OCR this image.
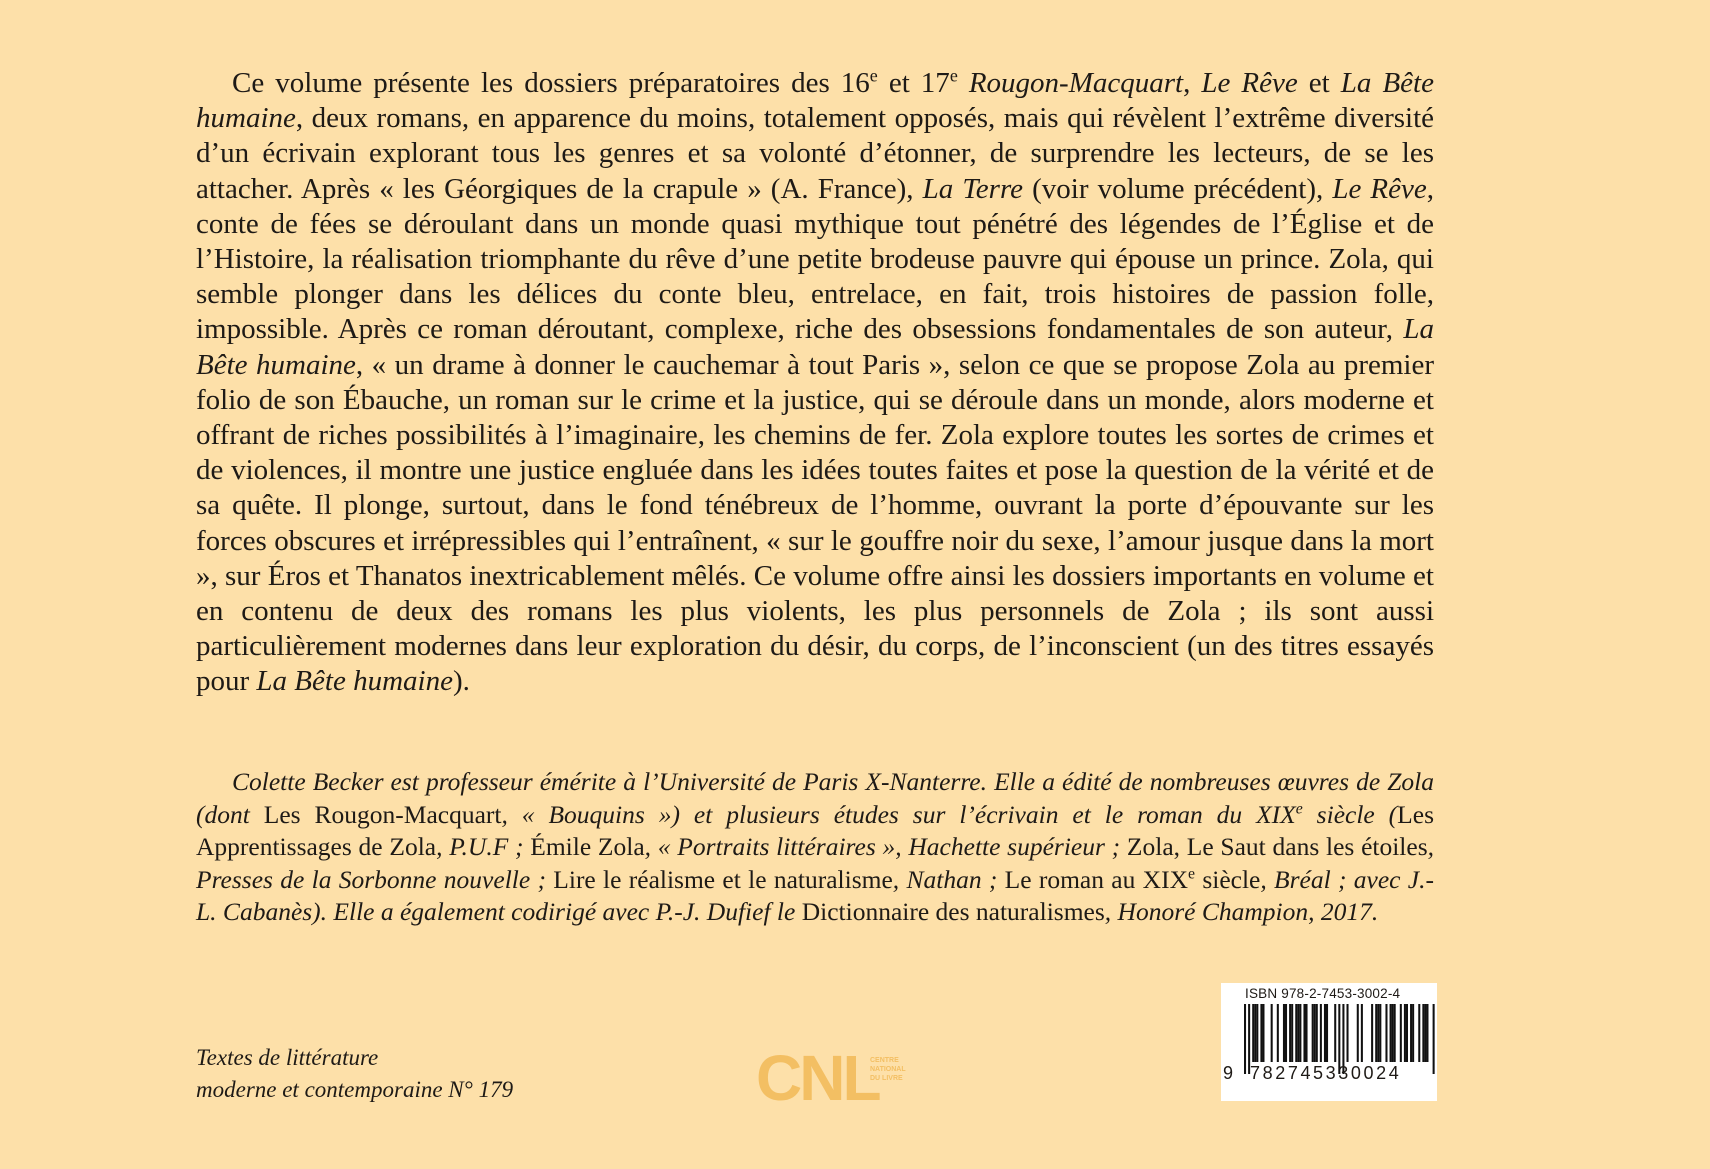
Ce volume présente les dossiers préparatoires des 16e et 17e Rougon-Macquart, Le Rêve et La Bête humaine, deux romans, en apparence du moins, totalement opposés, mais qui révèlent l’extrême diversité d’un écrivain explorant tous les genres et sa volonté d’étonner, de surprendre les lecteurs, de se les attacher. Après « les Géorgiques de la crapule » (A. France), La Terre (voir volume précédent), Le Rêve, conte de fées se déroulant dans un monde quasi mythique tout pénétré des légendes de l’Église et de l’Histoire, la réalisation triomphante du rêve d’une petite brodeuse pauvre qui épouse un prince. Zola, qui semble plonger dans les délices du conte bleu, entrelace, en fait, trois histoires de passion folle, impossible. Après ce roman déroutant, complexe, riche des obsessions fondamentales de son auteur, La Bête humaine, « un drame à donner le cauchemar à tout Paris », selon ce que se propose Zola au premier folio de son Ébauche, un roman sur le crime et la justice, qui se déroule dans un monde, alors moderne et offrant de riches possibilités à l’imaginaire, les chemins de fer. Zola explore toutes les sortes de crimes et de violences, il montre une justice engluée dans les idées toutes faites et pose la question de la vérité et de sa quête. Il plonge, surtout, dans le fond ténébreux de l’homme, ouvrant la porte d’épouvante sur les forces obscures et irrépressibles qui l’entraînent, « sur le gouffre noir du sexe, l’amour jusque dans la mort », sur Éros et Thanatos inextricablement mêlés. Ce volume offre ainsi les dossiers importants en volume et en contenu de deux des romans les plus violents, les plus personnels de Zola ; ils sont aussi particulièrement modernes dans leur exploration du désir, du corps, de l’inconscient (un des titres essayés pour La Bête humaine).

Colette Becker est professeur émérite à l’Université de Paris X-Nanterre. Elle a édité de nombreuses œuvres de Zola (dont Les Rougon-Macquart, « Bouquins ») et plusieurs études sur l’écrivain et le roman du XIXe siècle (Les Apprentissages de Zola, P.U.F ; Émile Zola, « Portraits littéraires », Hachette supérieur ; Zola, Le Saut dans les étoiles, Presses de la Sorbonne nouvelle ; Lire le réalisme et le naturalisme, Nathan ; Le roman au XIXe siècle, Bréal ; avec J.-L. Cabanès). Elle a également codirigé avec P.-J. Dufief le Dictionnaire des naturalismes, Honoré Champion, 2017.

Textes de littérature
moderne et contemporaine N° 179	CNL
CENTRE
NATIONAL
DU LIVRE
ISBN 978-2-7453-3002-4
9 782745330024
